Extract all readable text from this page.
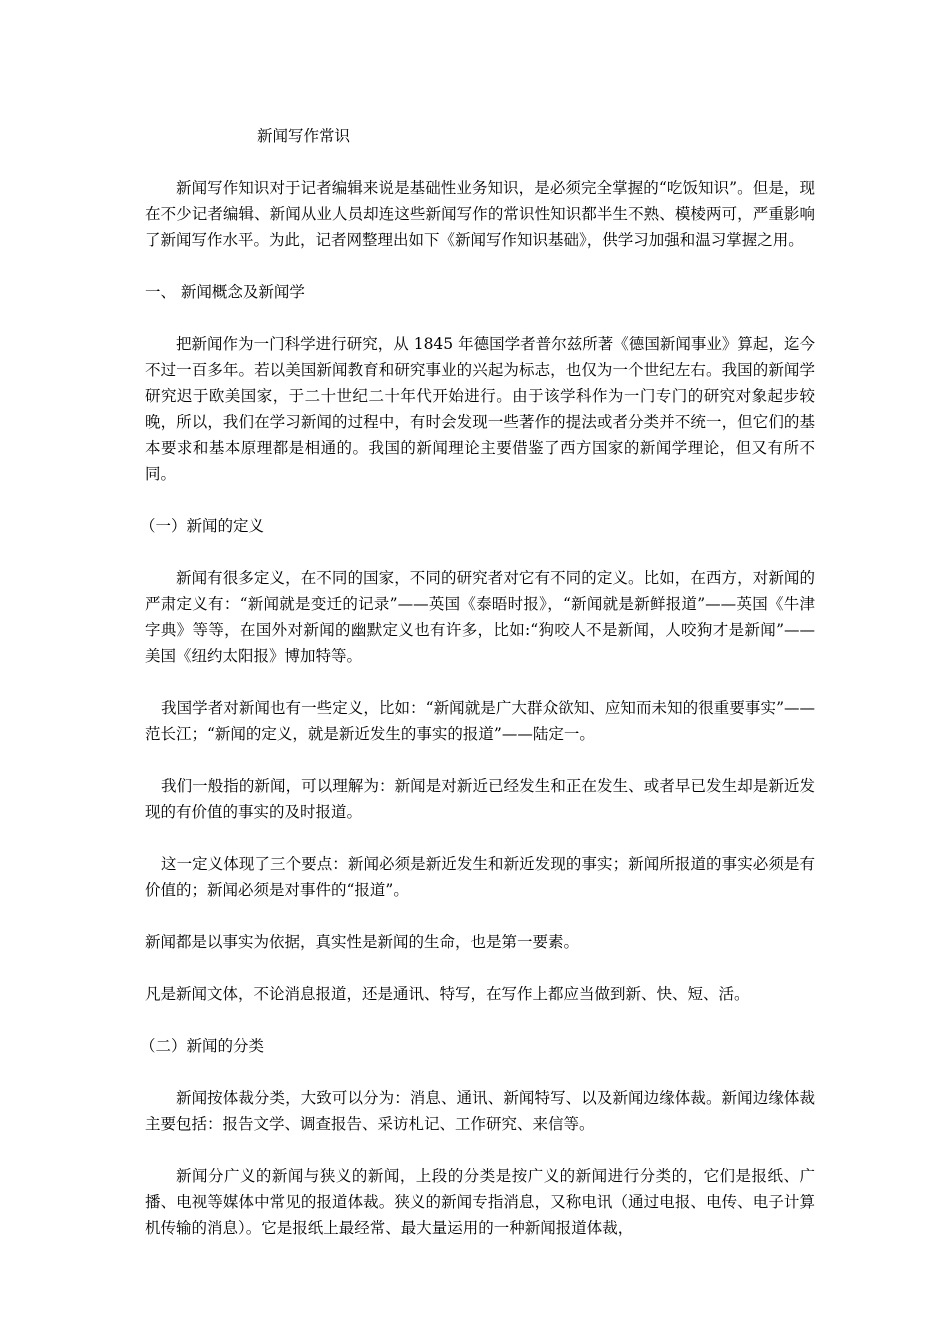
新闻写作常识

新闻写作知识对于记者编辑来说是基础性业务知识，是必须完全掌握的“吃饭知识”。但是，现在不少记者编辑、新闻从业人员却连这些新闻写作的常识性知识都半生不熟、模棱两可，严重影响了新闻写作水平。为此，记者网整理出如下《新闻写作知识基础》，供学习加强和温习掌握之用。

一、 新闻概念及新闻学

把新闻作为一门科学进行研究，从 1845 年德国学者普尔兹所著《德国新闻事业》算起，迄今不过一百多年。若以美国新闻教育和研究事业的兴起为标志，也仅为一个世纪左右。我国的新闻学研究迟于欧美国家，于二十世纪二十年代开始进行。由于该学科作为一门专门的研究对象起步较晚，所以，我们在学习新闻的过程中，有时会发现一些著作的提法或者分类并不统一，但它们的基本要求和基本原理都是相通的。我国的新闻理论主要借鉴了西方国家的新闻学理论，但又有所不同。

（一）新闻的定义

新闻有很多定义，在不同的国家，不同的研究者对它有不同的定义。比如，在西方，对新闻的严肃定义有：“新闻就是变迁的记录”——英国《泰晤时报》，“新闻就是新鲜报道”——英国《牛津字典》等等，在国外对新闻的幽默定义也有许多，比如:“狗咬人不是新闻，人咬狗才是新闻”——美国《纽约太阳报》博加特等。

我国学者对新闻也有一些定义，比如：“新闻就是广大群众欲知、应知而未知的很重要事实”——范长江；“新闻的定义，就是新近发生的事实的报道”——陆定一。

我们一般指的新闻，可以理解为：新闻是对新近已经发生和正在发生、或者早已发生却是新近发现的有价值的事实的及时报道。

这一定义体现了三个要点：新闻必须是新近发生和新近发现的事实；新闻所报道的事实必须是有价值的；新闻必须是对事件的“报道”。

新闻都是以事实为依据，真实性是新闻的生命，也是第一要素。

凡是新闻文体，不论消息报道，还是通讯、特写，在写作上都应当做到新、快、短、活。

（二）新闻的分类

新闻按体裁分类，大致可以分为：消息、通讯、新闻特写、以及新闻边缘体裁。新闻边缘体裁主要包括：报告文学、调查报告、采访札记、工作研究、来信等。

新闻分广义的新闻与狭义的新闻，上段的分类是按广义的新闻进行分类的，它们是报纸、广播、电视等媒体中常见的报道体裁。狭义的新闻专指消息，又称电讯（通过电报、电传、电子计算机传输的消息）。它是报纸上最经常、最大量运用的一种新闻报道体裁，
